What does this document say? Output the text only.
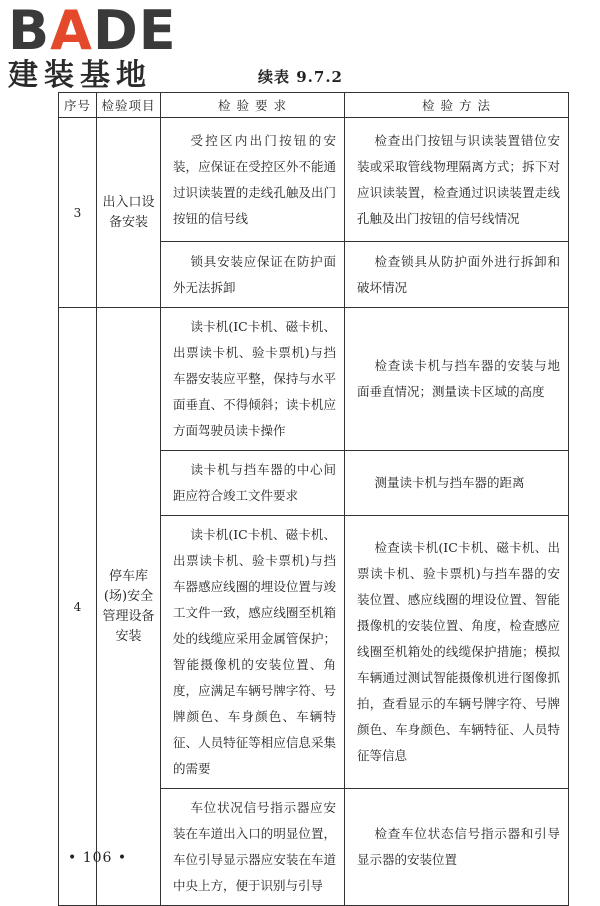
BADE
建装基地	续表 9.7.2
序号	检验项目	检 验 要 求	检 验 方 法
3	出入口设备安装	受控区内出门按钮的安装，应保证在受控区外不能通过识读装置的走线孔触及出门按钮的信号线	检查出门按钮与识读装置错位安装或采取管线物理隔离方式；拆下对应识读装置，检查通过识读装置走线孔触及出门按钮的信号线情况
		锁具安装应保证在防护面外无法拆卸	检查锁具从防护面外进行拆卸和破坏情况
4	停车库(场)安全管理设备安装	读卡机(IC卡机、磁卡机、出票读卡机、验卡票机)与挡车器安装应平整，保持与水平面垂直、不得倾斜；读卡机应方面驾驶员读卡操作	检查读卡机与挡车器的安装与地面垂直情况；测量读卡区域的高度
		读卡机与挡车器的中心间距应符合竣工文件要求	测量读卡机与挡车器的距离
		读卡机(IC卡机、磁卡机、出票读卡机、验卡票机)与挡车器感应线圈的埋设位置与竣工文件一致，感应线圈至机箱处的线缆应采用金属管保护；智能摄像机的安装位置、角度，应满足车辆号牌字符、号牌颜色、车身颜色、车辆特征、人员特征等相应信息采集的需要	检查读卡机(IC卡机、磁卡机、出票读卡机、验卡票机)与挡车器的安装位置、感应线圈的埋设位置、智能摄像机的安装位置、角度，检查感应线圈至机箱处的线缆保护措施；模拟车辆通过测试智能摄像机进行图像抓拍，查看显示的车辆号牌字符、号牌颜色、车身颜色、车辆特征、人员特征等信息
		车位状况信号指示器应安装在车道出入口的明显位置，车位引导显示器应安装在车道中央上方，便于识别与引导	检查车位状态信号指示器和引导显示器的安装位置
• 106 •
